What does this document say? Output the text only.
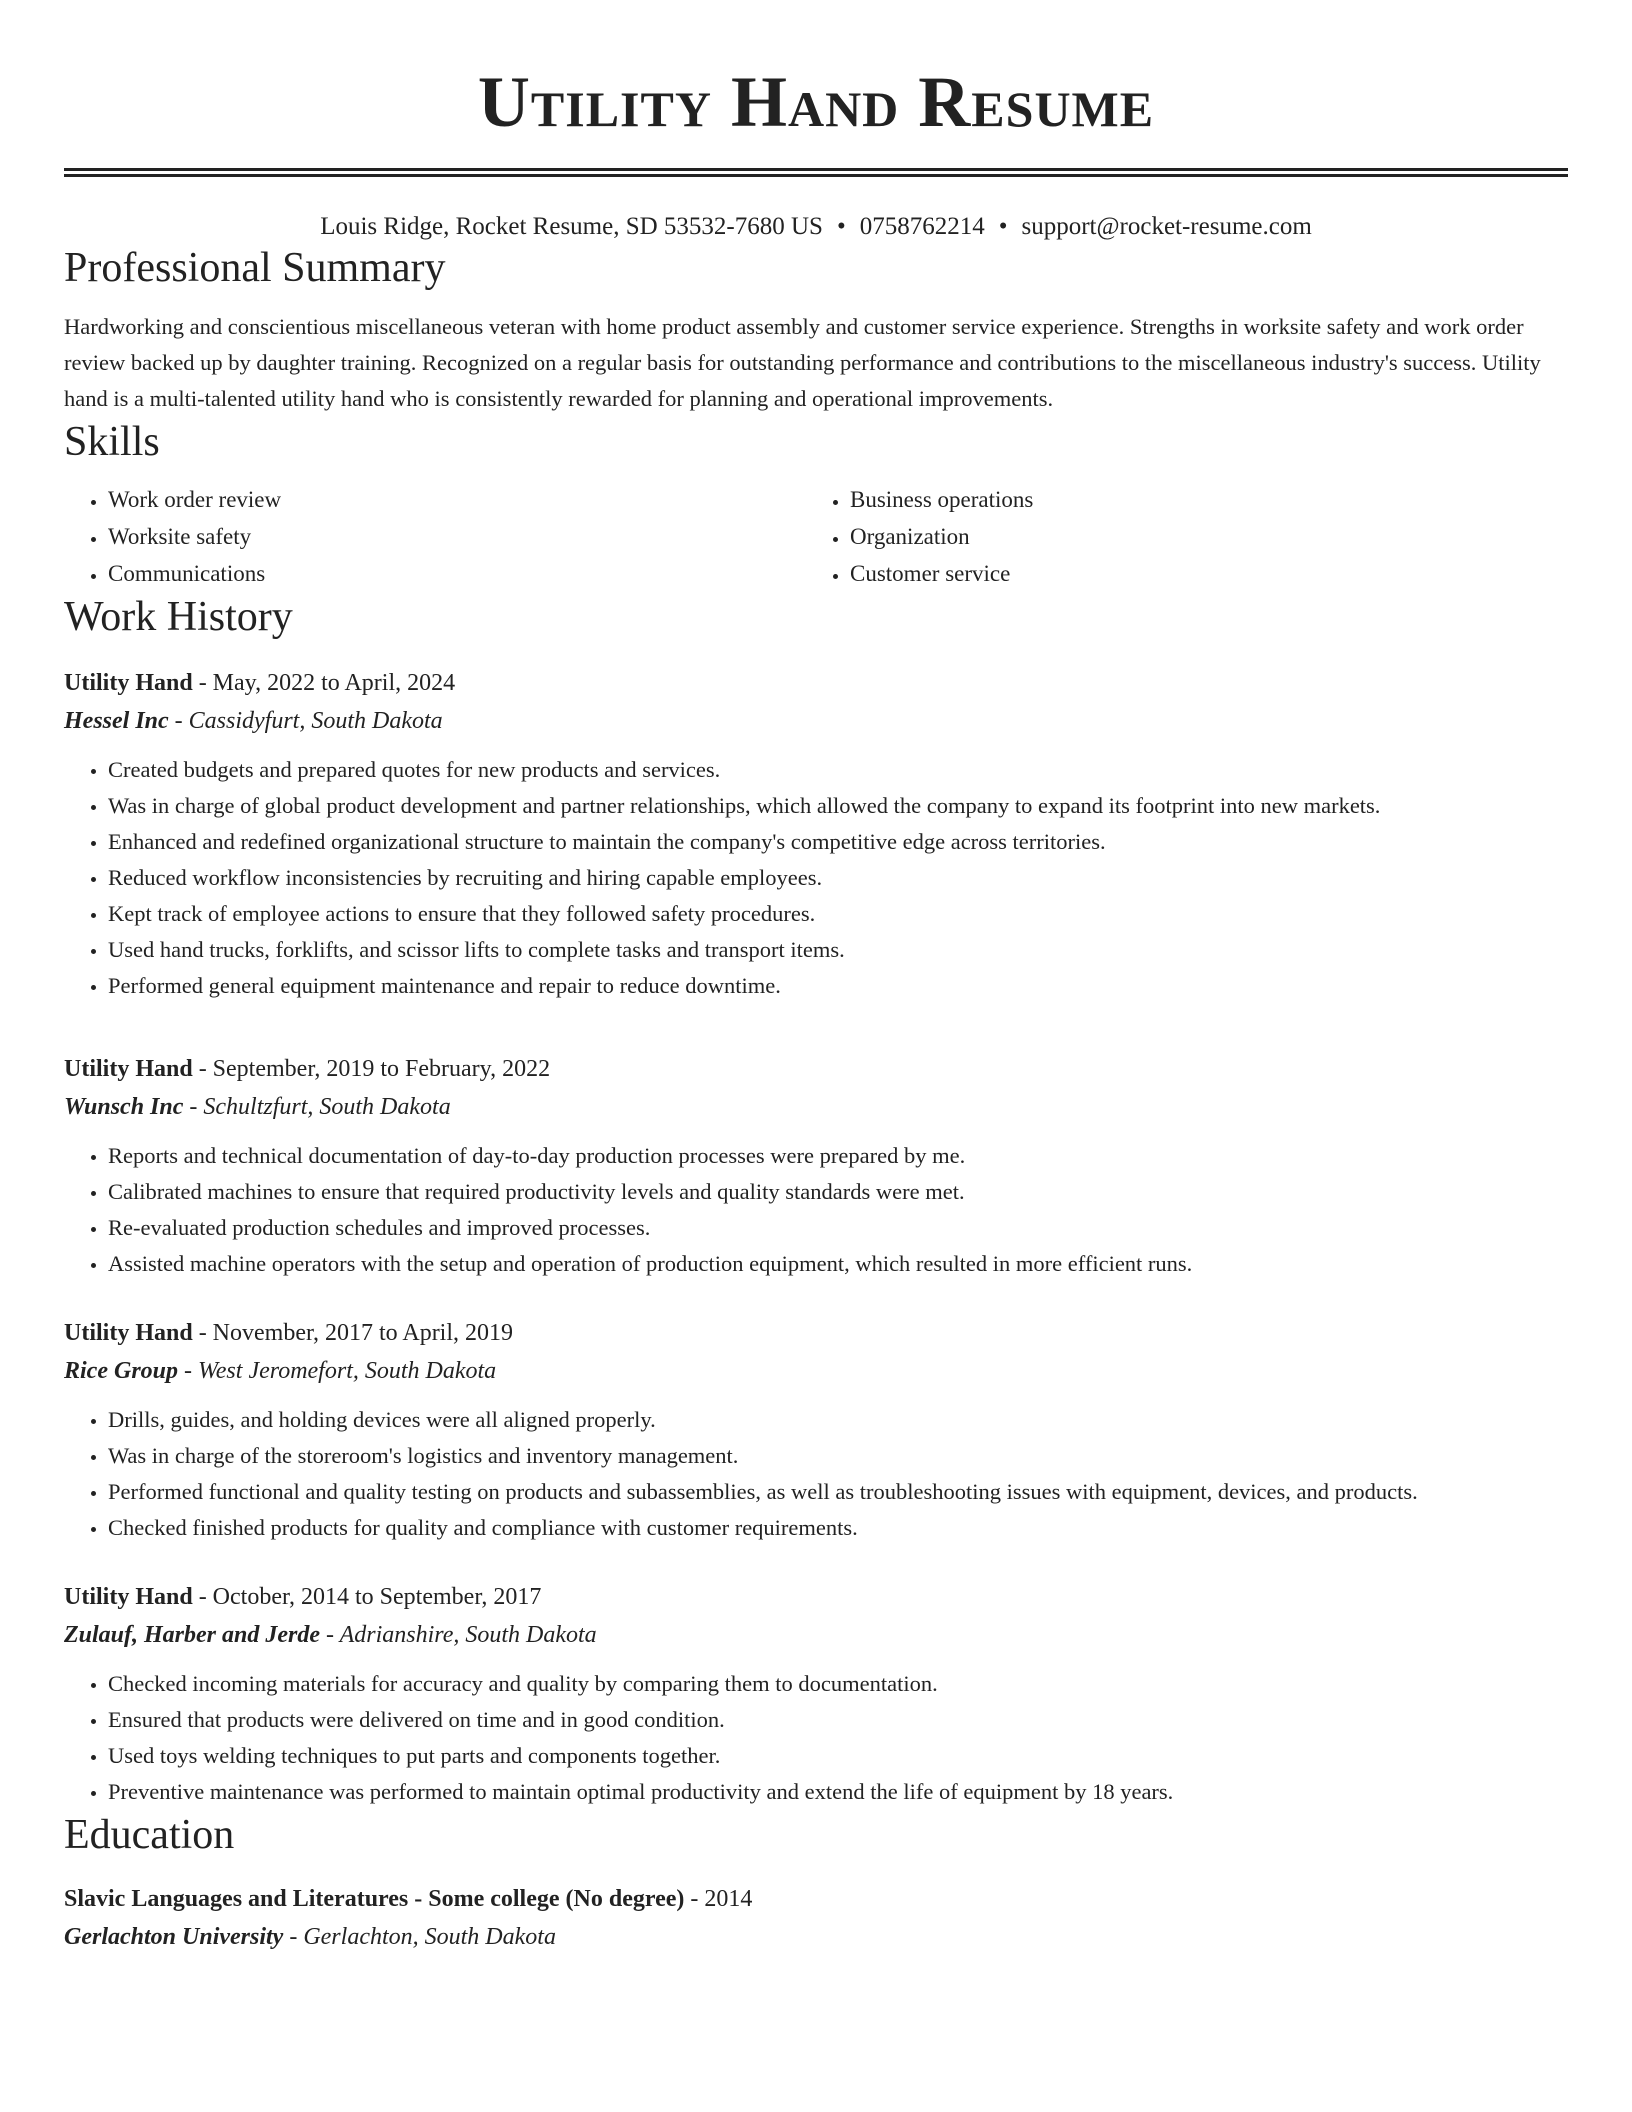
Utility Hand Resume
Louis Ridge, Rocket Resume, SD 53532-7680 US • 0758762214 • support@rocket-resume.com
Professional Summary
Hardworking and conscientious miscellaneous veteran with home product assembly and customer service experience. Strengths in worksite safety and work order review backed up by daughter training. Recognized on a regular basis for outstanding performance and contributions to the miscellaneous industry's success. Utility hand is a multi-talented utility hand who is consistently rewarded for planning and operational improvements.
Skills
• Work order review
• Worksite safety
• Communications
• Business operations
• Organization
• Customer service
Work History
Utility Hand - May, 2022 to April, 2024
Hessel Inc - Cassidyfurt, South Dakota
• Created budgets and prepared quotes for new products and services.
• Was in charge of global product development and partner relationships, which allowed the company to expand its footprint into new markets.
• Enhanced and redefined organizational structure to maintain the company's competitive edge across territories.
• Reduced workflow inconsistencies by recruiting and hiring capable employees.
• Kept track of employee actions to ensure that they followed safety procedures.
• Used hand trucks, forklifts, and scissor lifts to complete tasks and transport items.
• Performed general equipment maintenance and repair to reduce downtime.
Utility Hand - September, 2019 to February, 2022
Wunsch Inc - Schultzfurt, South Dakota
• Reports and technical documentation of day-to-day production processes were prepared by me.
• Calibrated machines to ensure that required productivity levels and quality standards were met.
• Re-evaluated production schedules and improved processes.
• Assisted machine operators with the setup and operation of production equipment, which resulted in more efficient runs.
Utility Hand - November, 2017 to April, 2019
Rice Group - West Jeromefort, South Dakota
• Drills, guides, and holding devices were all aligned properly.
• Was in charge of the storeroom's logistics and inventory management.
• Performed functional and quality testing on products and subassemblies, as well as troubleshooting issues with equipment, devices, and products.
• Checked finished products for quality and compliance with customer requirements.
Utility Hand - October, 2014 to September, 2017
Zulauf, Harber and Jerde - Adrianshire, South Dakota
• Checked incoming materials for accuracy and quality by comparing them to documentation.
• Ensured that products were delivered on time and in good condition.
• Used toys welding techniques to put parts and components together.
• Preventive maintenance was performed to maintain optimal productivity and extend the life of equipment by 18 years.
Education
Slavic Languages and Literatures - Some college (No degree) - 2014
Gerlachton University - Gerlachton, South Dakota
